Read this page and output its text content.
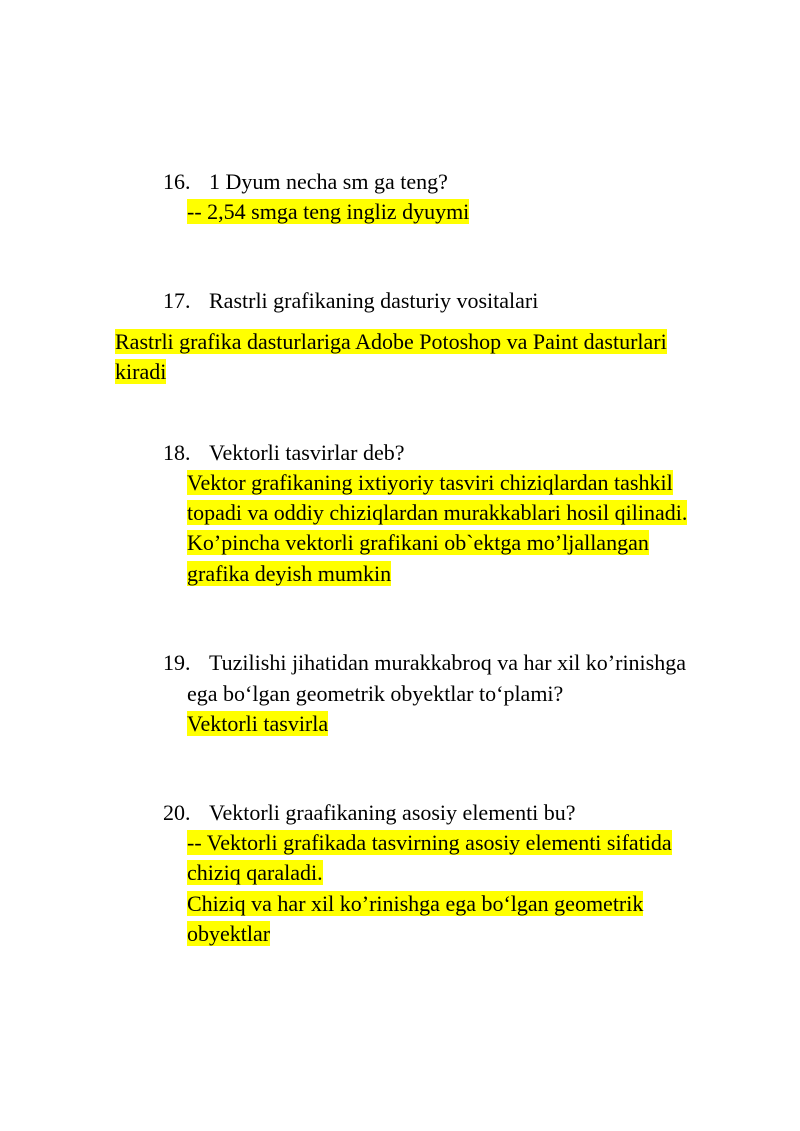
16. 1 Dyum necha sm ga teng?
-- 2,54 smga teng ingliz dyuymi
17. Rastrli grafikaning dasturiy vositalari
Rastrli grafika dasturlariga Adobe Potoshop va Paint dasturlari
kiradi
18. Vektorli tasvirlar deb?
Vektor grafikaning ixtiyoriy tasviri chiziqlardan tashkil
topadi va oddiy chiziqlardan murakkablari hosil qilinadi.
Ko’pincha vektorli grafikani ob`ektga mo’ljallangan
grafika deyish mumkin
19. Tuzilishi jihatidan murakkabroq va har xil ko’rinishga
ega bo‘lgan geometrik obyektlar to‘plami?
Vektorli tasvirla
20. Vektorli graafikaning asosiy elementi bu?
-- Vektorli grafikada tasvirning asosiy elementi sifatida
chiziq qaraladi.
Chiziq va har xil ko’rinishga ega bo‘lgan geometrik
obyektlar
